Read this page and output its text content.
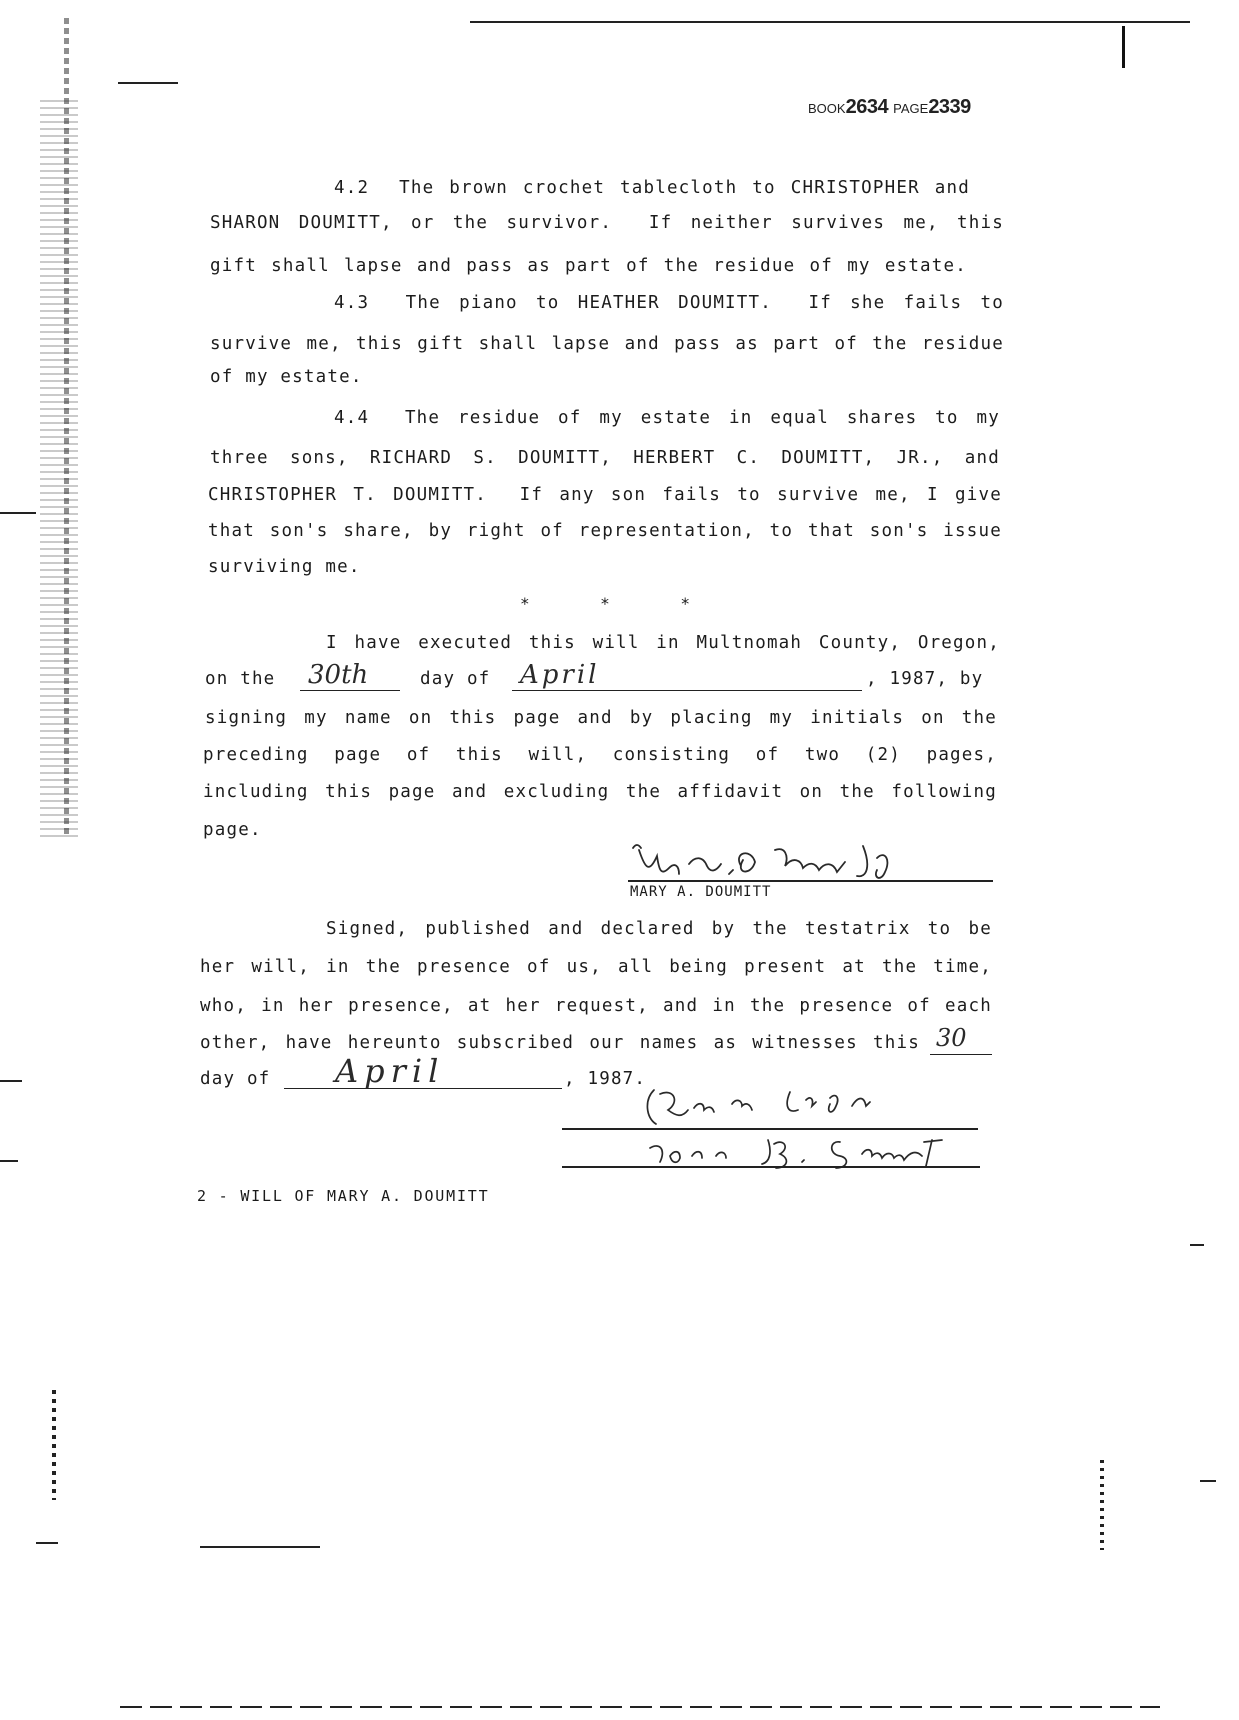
BOOK2634 PAGE2339
4.2  The brown crochet tablecloth to CHRISTOPHER and
SHARON DOUMITT, or the survivor.  If neither survives me, this
gift shall lapse and pass as part of the residue of my estate.
4.3  The piano to HEATHER DOUMITT.  If she fails to
survive me, this gift shall lapse and pass as part of the residue
of my estate.
4.4  The residue of my estate in equal shares to my
three sons, RICHARD S. DOUMITT, HERBERT C. DOUMITT, JR., and
CHRISTOPHER T. DOUMITT.  If any son fails to survive me, I give
that son's share, by right of representation, to that son's issue
surviving me.
*	*	*
I have executed this will in Multnomah County, Oregon,
on the 30th	day of April	, 1987, by
signing my name on this page and by placing my initials on the
preceding page of this will, consisting of two (2) pages,
including this page and excluding the affidavit on the following
page.
MARY A. DOUMITT
Signed, published and declared by the testatrix to be
her will, in the presence of us, all being present at the time,
who, in her presence, at her request, and in the presence of each
other, have hereunto subscribed our names as witnesses this 30
day of April	, 1987.
2 - WILL OF MARY A. DOUMITT
